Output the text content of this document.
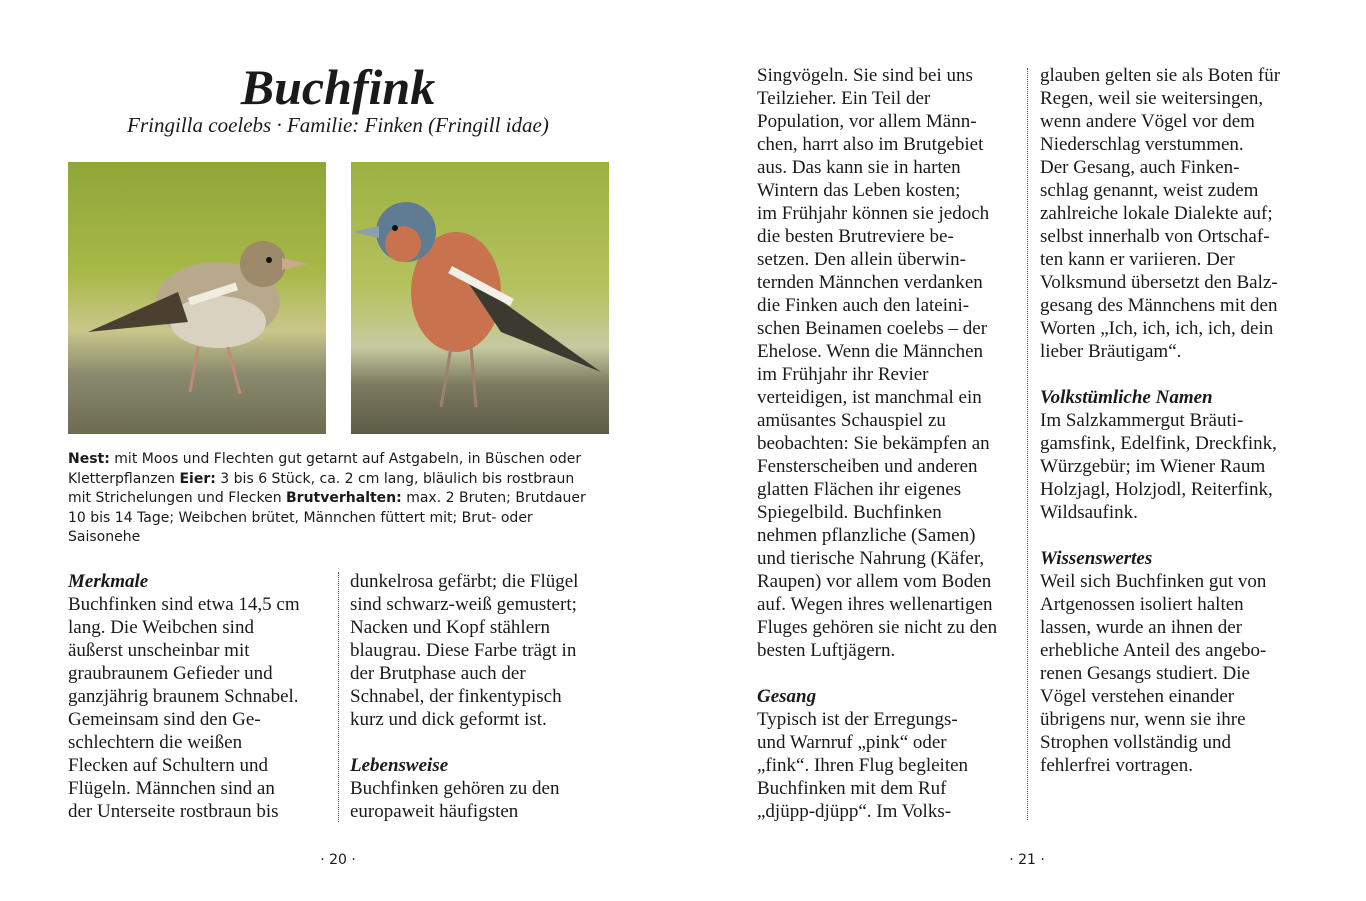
Buchfink
Fringilla coelebs · Familie: Finken (Fringill idae)
Nest: mit Moos und Flechten gut getarnt auf Astgabeln, in Büschen oder Kletterpflanzen Eier: 3 bis 6 Stück, ca. 2 cm lang, bläulich bis rostbraun mit Strichelungen und Flecken Brutverhalten: max. 2 Bruten; Brutdauer 10 bis 14 Tage; Weibchen brütet, Männchen füttert mit; Brut- oder Saisonehe
Merkmale
Buchfinken sind etwa 14,5 cm
lang. Die Weibchen sind
äußerst unscheinbar mit
graubraunem Gefieder und
ganzjährig braunem Schnabel.
Gemeinsam sind den Ge-
schlechtern die weißen
Flecken auf Schultern und
Flügeln. Männchen sind an
der Unterseite rostbraun bis
dunkelrosa gefärbt; die Flügel
sind schwarz-weiß gemustert;
Nacken und Kopf stählern
blaugrau. Diese Farbe trägt in
der Brutphase auch der
Schnabel, der finkentypisch
kurz und dick geformt ist.
Lebensweise
Buchfinken gehören zu den
europaweit häufigsten
Singvögeln. Sie sind bei uns
Teilzieher. Ein Teil der
Population, vor allem Männ-
chen, harrt also im Brutgebiet
aus. Das kann sie in harten
Wintern das Leben kosten;
im Frühjahr können sie jedoch
die besten Brutreviere be-
setzen. Den allein überwin-
ternden Männchen verdanken
die Finken auch den lateini-
schen Beinamen coelebs – der
Ehelose. Wenn die Männchen
im Frühjahr ihr Revier
verteidigen, ist manchmal ein
amüsantes Schauspiel zu
beobachten: Sie bekämpfen an
Fensterscheiben und anderen
glatten Flächen ihr eigenes
Spiegelbild. Buchfinken
nehmen pflanzliche (Samen)
und tierische Nahrung (Käfer,
Raupen) vor allem vom Boden
auf. Wegen ihres wellenartigen
Fluges gehören sie nicht zu den
besten Luftjägern.
Gesang
Typisch ist der Erregungs-
und Warnruf „pink“ oder
„fink“. Ihren Flug begleiten
Buchfinken mit dem Ruf
„djüpp-djüpp“. Im Volks-
glauben gelten sie als Boten für
Regen, weil sie weitersingen,
wenn andere Vögel vor dem
Niederschlag verstummen.
Der Gesang, auch Finken-
schlag genannt, weist zudem
zahlreiche lokale Dialekte auf;
selbst innerhalb von Ortschaf-
ten kann er variieren. Der
Volksmund übersetzt den Balz-
gesang des Männchens mit den
Worten „Ich, ich, ich, ich, dein
lieber Bräutigam“.
Volkstümliche Namen
Im Salzkammergut Bräuti-
gamsfink, Edelfink, Dreckfink,
Würzgebür; im Wiener Raum
Holzjagl, Holzjodl, Reiterfink,
Wildsaufink.
Wissenswertes
Weil sich Buchfinken gut von
Artgenossen isoliert halten
lassen, wurde an ihnen der
erhebliche Anteil des angebo-
renen Gesangs studiert. Die
Vögel verstehen einander
übrigens nur, wenn sie ihre
Strophen vollständig und
fehlerfrei vortragen.
· 20 ·	· 21 ·
